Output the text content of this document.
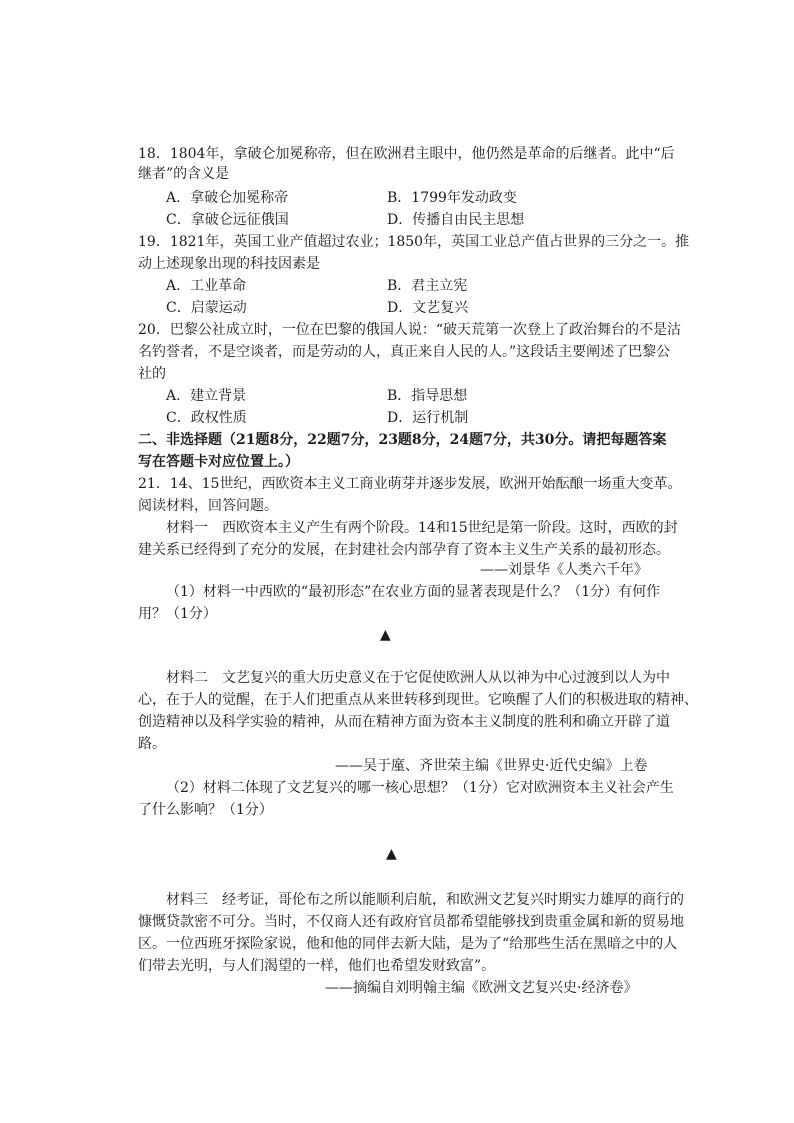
18．1804年，拿破仑加冕称帝，但在欧洲君主眼中，他仍然是革命的后继者。此中“后
继者”的含义是
A．拿破仑加冕称帝	B．1799年发动政变
C．拿破仑远征俄国	D．传播自由民主思想
19．1821年，英国工业产值超过农业；1850年，英国工业总产值占世界的三分之一。推
动上述现象出现的科技因素是
A．工业革命	B．君主立宪
C．启蒙运动	D．文艺复兴
20．巴黎公社成立时，一位在巴黎的俄国人说：“破天荒第一次登上了政治舞台的不是沽
名钓誉者，不是空谈者，而是劳动的人，真正来自人民的人。”这段话主要阐述了巴黎公
社的
A．建立背景	B．指导思想
C．政权性质	D．运行机制
二、非选择题（21题8分，22题7分，23题8分，24题7分，共30分。请把每题答案
写在答题卡对应位置上。）
21．14、15世纪，西欧资本主义工商业萌芽并逐步发展，欧洲开始酝酿一场重大变革。
阅读材料，回答问题。
材料一　西欧资本主义产生有两个阶段。14和15世纪是第一阶段。这时，西欧的封
建关系已经得到了充分的发展，在封建社会内部孕育了资本主义生产关系的最初形态。
——刘景华《人类六千年》
（1）材料一中西欧的“最初形态”在农业方面的显著表现是什么？（1分）有何作
用？（1分）
▲
材料二　文艺复兴的重大历史意义在于它促使欧洲人从以神为中心过渡到以人为中
心，在于人的觉醒，在于人们把重点从来世转移到现世。它唤醒了人们的积极进取的精神、
创造精神以及科学实验的精神，从而在精神方面为资本主义制度的胜利和确立开辟了道
路。
——吴于廑、齐世荣主编《世界史·近代史编》上卷
（2）材料二体现了文艺复兴的哪一核心思想？（1分）它对欧洲资本主义社会产生
了什么影响？（1分）
▲
材料三　经考证，哥伦布之所以能顺利启航，和欧洲文艺复兴时期实力雄厚的商行的
慷慨贷款密不可分。当时，不仅商人还有政府官员都希望能够找到贵重金属和新的贸易地
区。一位西班牙探险家说，他和他的同伴去新大陆，是为了“给那些生活在黑暗之中的人
们带去光明，与人们渴望的一样，他们也希望发财致富”。
——摘编自刘明翰主编《欧洲文艺复兴史·经济卷》
